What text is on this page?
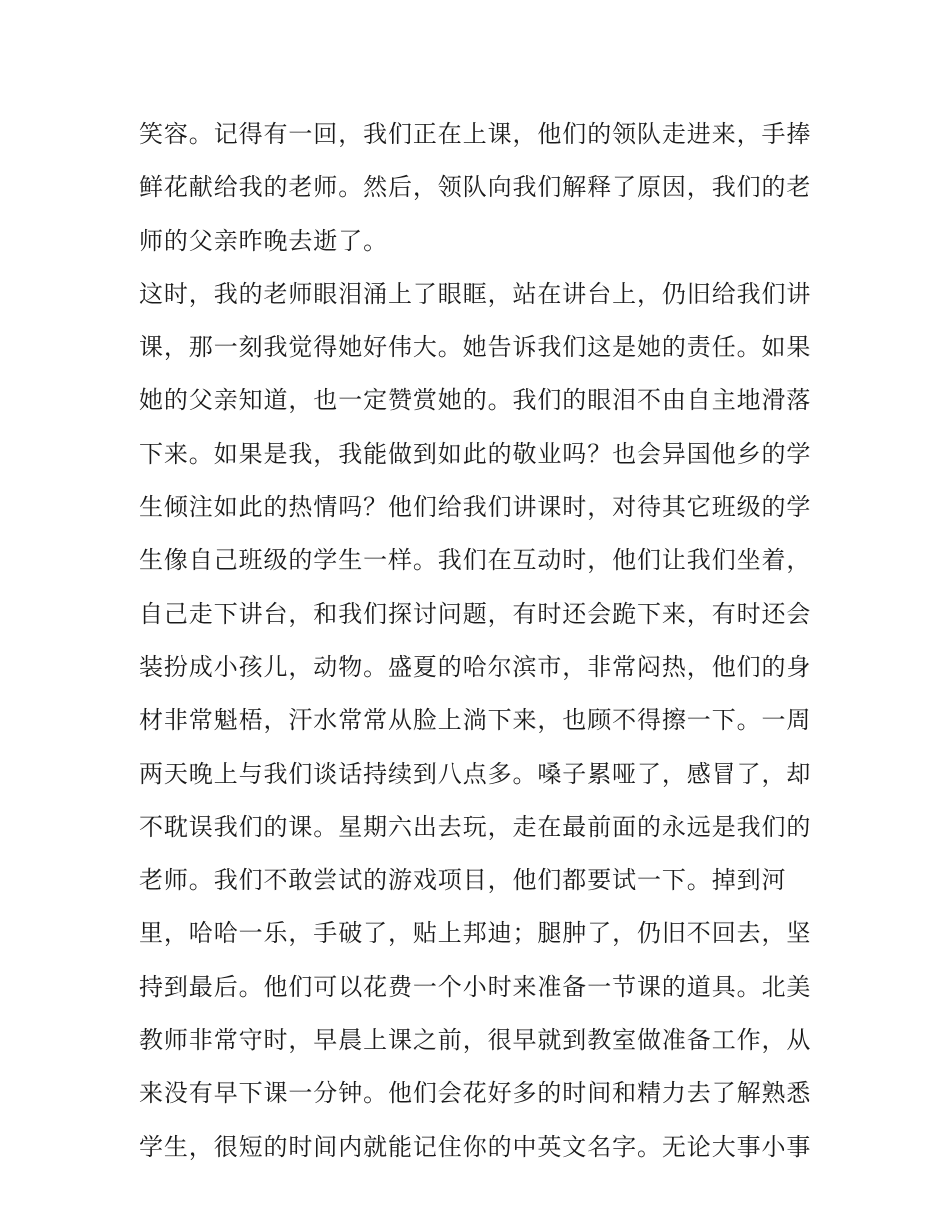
笑容。记得有一回，我们正在上课，他们的领队走进来，手捧
鲜花献给我的老师。然后，领队向我们解释了原因，我们的老
师的父亲昨晚去逝了。
这时，我的老师眼泪涌上了眼眶，站在讲台上，仍旧给我们讲
课，那一刻我觉得她好伟大。她告诉我们这是她的责任。如果
她的父亲知道，也一定赞赏她的。我们的眼泪不由自主地滑落
下来。如果是我，我能做到如此的敬业吗？也会异国他乡的学
生倾注如此的热情吗？他们给我们讲课时，对待其它班级的学
生像自己班级的学生一样。我们在互动时，他们让我们坐着，
自己走下讲台，和我们探讨问题，有时还会跪下来，有时还会
装扮成小孩儿，动物。盛夏的哈尔滨市，非常闷热，他们的身
材非常魁梧，汗水常常从脸上淌下来，也顾不得擦一下。一周
两天晚上与我们谈话持续到八点多。嗓子累哑了，感冒了，却
不耽误我们的课。星期六出去玩，走在最前面的永远是我们的
老师。我们不敢尝试的游戏项目，他们都要试一下。掉到河
里，哈哈一乐，手破了，贴上邦迪；腿肿了，仍旧不回去，坚
持到最后。他们可以花费一个小时来准备一节课的道具。北美
教师非常守时，早晨上课之前，很早就到教室做准备工作，从
来没有早下课一分钟。他们会花好多的时间和精力去了解熟悉
学生，很短的时间内就能记住你的中英文名字。无论大事小事
